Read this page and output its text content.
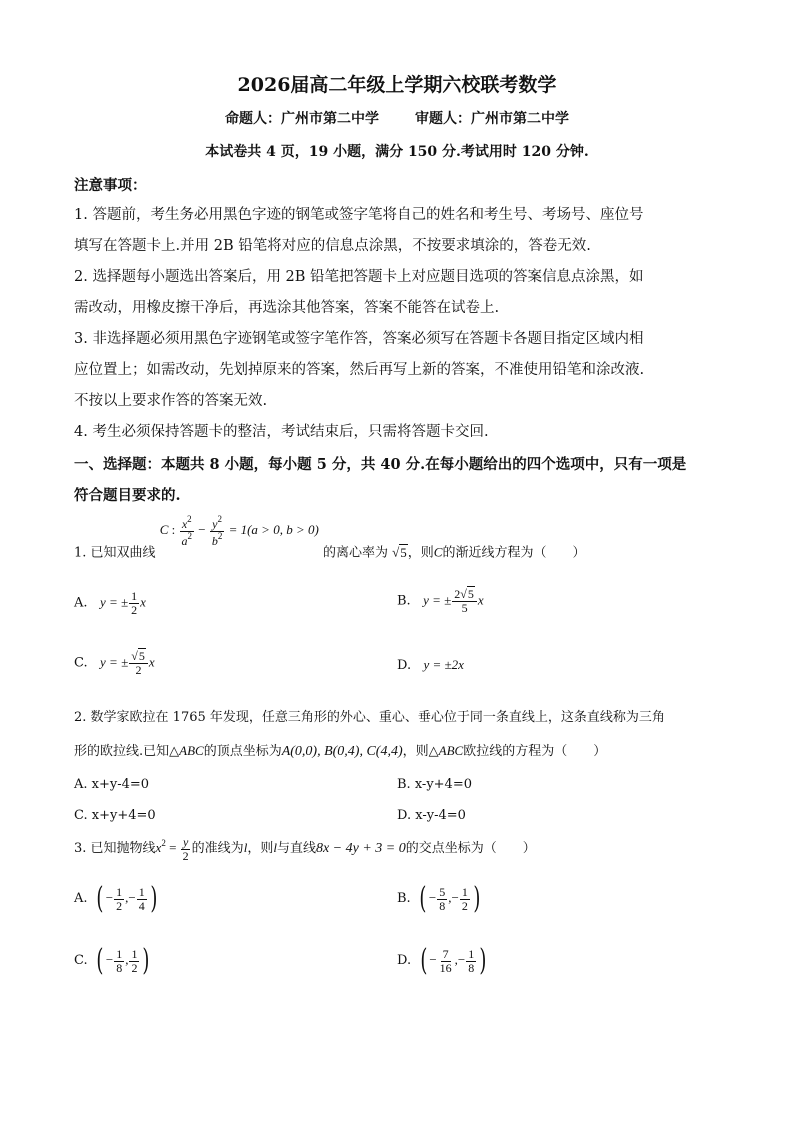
2026届高二年级上学期六校联考数学
命题人：广州市第二中学	审题人：广州市第二中学
本试卷共 4 页，19 小题，满分 150 分.考试用时 120 分钟.
注意事项：
1. 答题前，考生务必用黑色字迹的钢笔或签字笔将自己的姓名和考生号、考场号、座位号
填写在答题卡上.并用 2B 铅笔将对应的信息点涂黑，不按要求填涂的，答卷无效.
2. 选择题每小题选出答案后，用 2B 铅笔把答题卡上对应题目选项的答案信息点涂黑，如
需改动，用橡皮擦干净后，再选涂其他答案，答案不能答在试卷上.
3. 非选择题必须用黑色字迹钢笔或签字笔作答，答案必须写在答题卡各题目指定区域内相
应位置上；如需改动，先划掉原来的答案，然后再写上新的答案，不准使用铅笔和涂改液.
不按以上要求作答的答案无效.
4. 考生必须保持答题卡的整洁，考试结束后，只需将答题卡交回.
一、选择题：本题共 8 小题，每小题 5 分，共 40 分.在每小题给出的四个选项中，只有一项是
符合题目要求的.
1. 已知双曲线 C : $\frac{x^2}{a^2} - \frac{y^2}{b^2} = 1(a > 0$, b > 0) 的离心率为 √5，则C的渐近线方程为（　　）
A. y = ± $\frac{1}{2}$ x	B. y = ± $\frac{2√5}{5}$ x
C. y = ± $\frac{√5}{2}$ x	D. y = ±2x
2. 数学家欧拉在 1765 年发现，任意三角形的外心、重心、垂心位于同一条直线上，这条直线称为三角
形的欧拉线.已知△ABC的顶点坐标为A(0,0), B(0,4), C(4,4)，则△ABC欧拉线的方程为（　　）
A. x+y-4=0	B. x-y+4=0
C. x+y+4=0	D. x-y-4=0
3. 已知抛物线$x^2 = \frac{y}{2}$ 的准线为l，则l与直线8x − 4y + 3 = 0的交点坐标为（　　）
A. ( − $\frac{1}{2}$ ,− $\frac{1}{4}$ )	B. ( − $\frac{5}{8}$ ,− $\frac{1}{2}$ )
C. ( − $\frac{1}{8}$ , $\frac{1}{2}$ )	D. ( − $\frac{7}{16}$ ,− $\frac{1}{8}$ )
